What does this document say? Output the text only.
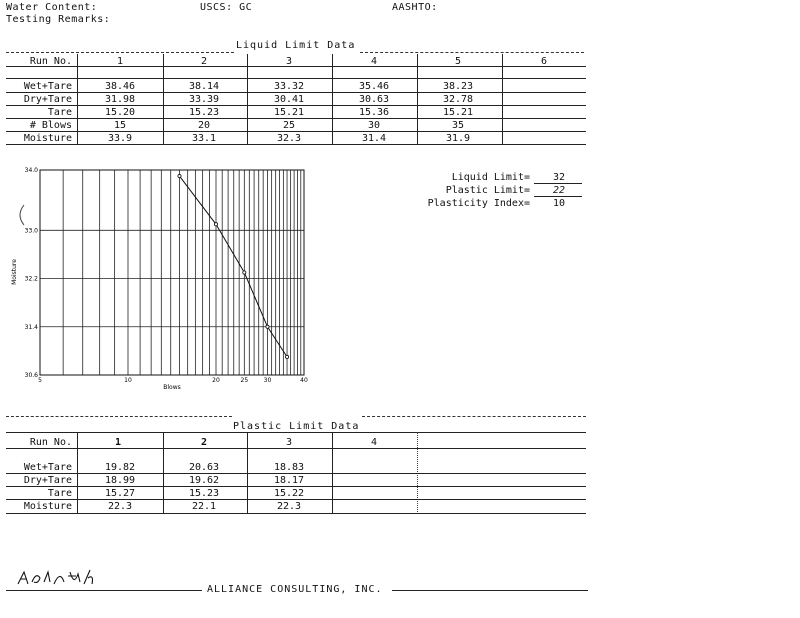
Water Content:	USCS: GC	AASHTO:
Testing Remarks:
Liquid Limit Data
Run No.	1	2	3	4	5	6
Wet+Tare	38.46	38.14	33.32	35.46	38.23
Dry+Tare	31.98	33.39	30.41	30.63	32.78
Tare	15.20	15.23	15.21	15.36	15.21
# Blows	15	20	25	30	35
Moisture	33.9	33.1	32.3	31.4	31.9
Liquid Limit=	32
Plastic Limit=	22
Plasticity Index=	10
5	10	20	25	30	40
34.0
33.0
32.2
31.4
30.6
Blows
Moisture
Plastic Limit Data
Run No.	1	2	3	4
Wet+Tare	19.82	20.63	18.83
Dry+Tare	18.99	19.62	18.17
Tare	15.27	15.23	15.22
Moisture	22.3	22.1	22.3
ALLIANCE CONSULTING, INC.
